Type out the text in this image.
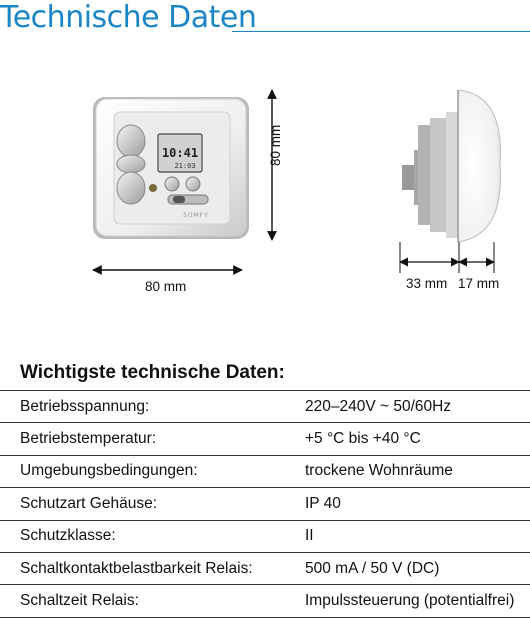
Technische Daten
10:41
21:03
SOMFY
80 mm
80 mm
33 mm 17 mm
Wichtigste technische Daten:
Betriebsspannung:	220–240V ~ 50/60Hz
Betriebstemperatur:	+5 °C bis +40 °C
Umgebungsbedingungen:	trockene Wohnräume
Schutzart Gehäuse:	IP 40
Schutzklasse:	II
Schaltkontaktbelastbarkeit Relais:	500 mA / 50 V (DC)
Schaltzeit Relais:	Impulssteuerung (potentialfrei)
